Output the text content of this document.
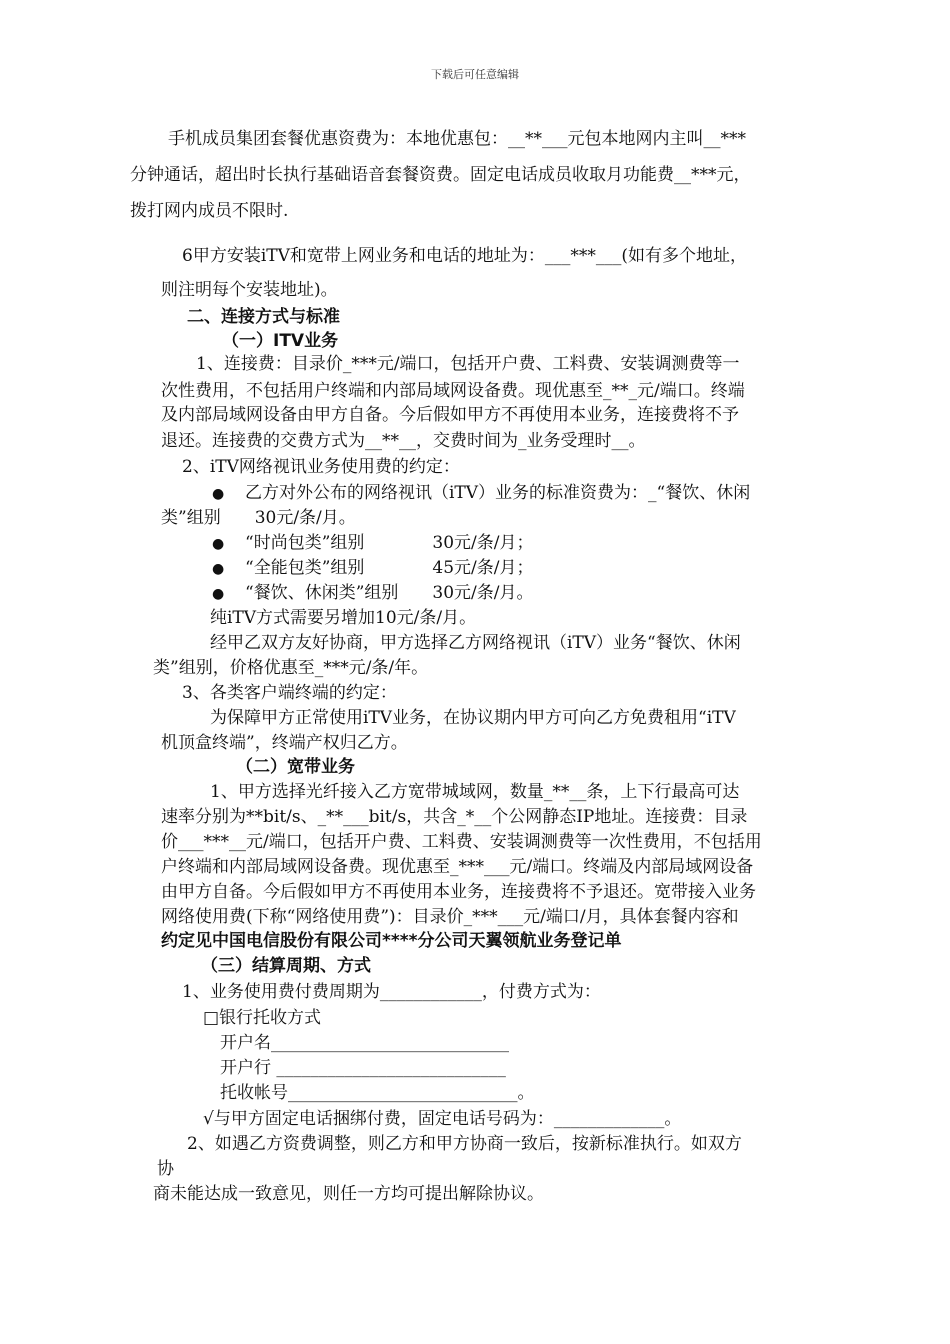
下载后可任意编辑
手机成员集团套餐优惠资费为：本地优惠包：__**___元包本地网内主叫__***
分钟通话，超出时长执行基础语音套餐资费。固定电话成员收取月功能费__***元，
拨打网内成员不限时.
6甲方安装iTV和宽带上网业务和电话的地址为：___***___(如有多个地址，
则注明每个安装地址)。
二、连接方式与标准
（一）ITV业务
1、连接费：目录价_***元/端口，包括开户费、工料费、安装调测费等一
次性费用，不包括用户终端和内部局域网设备费。现优惠至_**_元/端口。终端
及内部局域网设备由甲方自备。今后假如甲方不再使用本业务，连接费将不予
退还。连接费的交费方式为__**__，交费时间为_业务受理时__。
2、iTV网络视讯业务使用费的约定：
● 乙方对外公布的网络视讯（iTV）业务的标准资费为：_“餐饮、休闲
类”组别　　30元/条/月。
● “时尚包类”组别　　　　30元/条/月；
● “全能包类”组别　　　　45元/条/月；
● “餐饮、休闲类”组别　　30元/条/月。
纯iTV方式需要另增加10元/条/月。
经甲乙双方友好协商，甲方选择乙方网络视讯（iTV）业务“餐饮、休闲
类”组别，价格优惠至_***元/条/年。
3、各类客户端终端的约定：
为保障甲方正常使用iTV业务，在协议期内甲方可向乙方免费租用“iTV
机顶盒终端”，终端产权归乙方。
（二）宽带业务
1、甲方选择光纤接入乙方宽带城域网，数量_**__条，上下行最高可达
速率分别为**bit/s、_**___bit/s，共含_*__个公网静态IP地址。连接费：目录
价___***__元/端口，包括开户费、工料费、安装调测费等一次性费用，不包括用
户终端和内部局域网设备费。现优惠至_***___元/端口。终端及内部局域网设备
由甲方自备。今后假如甲方不再使用本业务，连接费将不予退还。宽带接入业务
网络使用费(下称“网络使用费”)：目录价_***___元/端口/月，具体套餐内容和
约定见中国电信股份有限公司****分公司天翼领航业务登记单
（三）结算周期、方式
1、业务使用费付费周期为____________，付费方式为：
□银行托收方式
开户名____________________________
开户行 ___________________________
托收帐号___________________________。
√与甲方固定电话捆绑付费，固定电话号码为：_____________。
2、如遇乙方资费调整，则乙方和甲方协商一致后，按新标准执行。如双方
协
商未能达成一致意见，则任一方均可提出解除协议。
